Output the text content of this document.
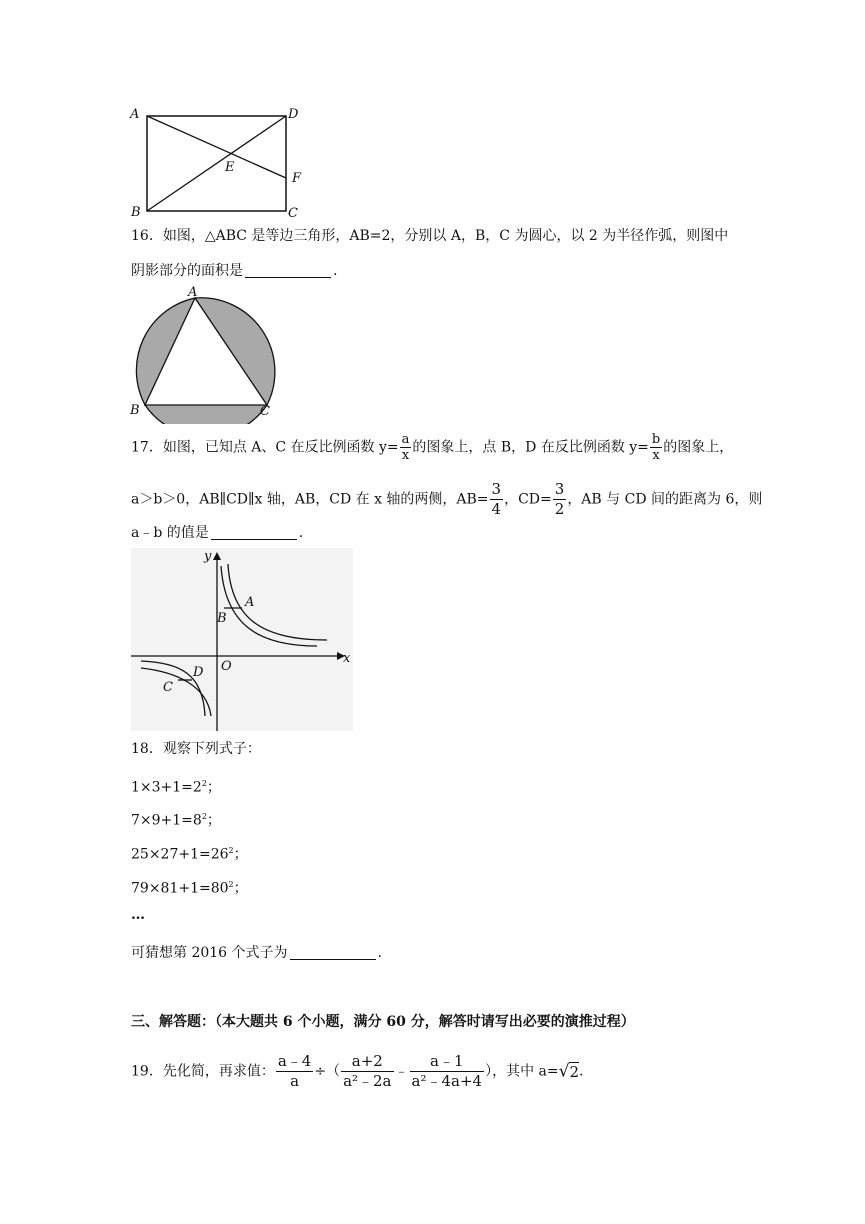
A	D
E
F
B	C
16．如图，△ABC 是等边三角形，AB=2，分别以 A，B，C 为圆心，以 2 为半径作弧，则图中
阴影部分的面积是	.
A
B	C
17．如图，已知点 A、C 在反比例函数 $y= \frac{a}{x}$ 的图象上，点 B，D 在反比例函数 $y= \frac{b}{x}$ 的图象上，
a＞b＞0，AB∥CD∥x 轴，AB，CD 在 x 轴的两侧，$AB= \frac{3}{4}$ ，$CD= \frac{3}{2}$ ，AB 与 CD 间的距离为 6，则
a﹣b 的值是	.
y
x
O
A
B
C
D
18．观察下列式子：
$1\times 3+1=2^2$；
$7\times 9+1=8^2$；
$25\times 27+1=26^2$；
$79\times 81+1=80^2$；
…
可猜想第 2016 个式子为	.
三、解答题：（本大题共 6 个小题，满分 60 分，解答时请写出必要的演推过程）
19．先化简，再求值： $\frac{a﹣4}{a}$ ÷（ $\frac{a+2}{\text{a²﹣2a}}$ ﹣ $\frac{a﹣1}{\text{a²﹣4a+4}}$ ），其中 a=√2.
